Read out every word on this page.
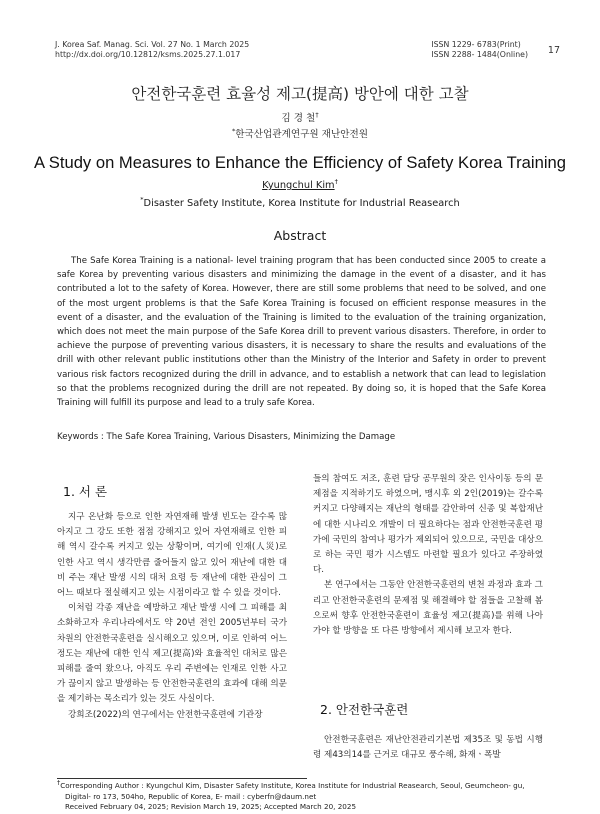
J. Korea Saf. Manag. Sci. Vol. 27 No. 1 March 2025
http://dx.doi.org/10.12812/ksms.2025.27.1.017
ISSN 1229- 6783(Print)
ISSN 2288- 1484(Online) 17
안전한국훈련 효율성 제고(提高) 방안에 대한 고찰
김 경 철†
*한국산업관계연구원 재난안전원
A Study on Measures to Enhance the Efficiency of Safety Korea Training
Kyungchul Kim†
*Disaster Safety Institute, Korea Institute for Industrial Reasearch
Abstract
The Safe Korea Training is a national- level training program that has been conducted since 2005 to create a safe Korea by preventing various disasters and minimizing the damage in the event of a disaster, and it has contributed a lot to the safety of Korea. However, there are still some problems that need to be solved, and one of the most urgent problems is that the Safe Korea Training is focused on efficient response measures in the event of a disaster, and the evaluation of the Training is limited to the evaluation of the training organization, which does not meet the main purpose of the Safe Korea drill to prevent various disasters. Therefore, in order to achieve the purpose of preventing various disasters, it is necessary to share the results and evaluations of the drill with other relevant public institutions other than the Ministry of the Interior and Safety in order to prevent various risk factors recognized during the drill in advance, and to establish a network that can lead to legislation so that the problems recognized during the drill are not repeated. By doing so, it is hoped that the Safe Korea Training will fulfill its purpose and lead to a truly safe Korea.
Keywords : The Safe Korea Training, Various Disasters, Minimizing the Damage
1. 서 론

지구 온난화 등으로 인한 자연재해 발생 빈도는 갈수록 많아지고 그 강도 또한 점점 강해지고 있어 자연재해로 인한 피해 역시 갈수록 커지고 있는 상황이며, 여기에 인재(人災)로 인한 사고 역시 생각만큼 줄어들지 않고 있어 재난에 대한 대비 주는 재난 발생 시의 대처 요령 등 재난에 대한 관심이 그 어느 때보다 절실해지고 있는 시점이라고 할 수 있을 것이다.

이처럼 각종 재난을 예방하고 재난 발생 시에 그 피해를 최소화하고자 우리나라에서도 약 20년 전인 2005년부터 국가차원의 안전한국훈련을 실시해오고 있으며, 이로 인하여 어느 정도는 재난에 대한 인식 제고(提高)와 효율적인 대처로 많은 피해를 줄여 왔으나, 아직도 우리 주변에는 인재로 인한 사고가 끊이지 않고 발생하는 등 안전한국훈련의 효과에 대해 의문을 제기하는 목소리가 있는 것도 사실이다.

강희조(2022)의 연구에서는 안전한국훈련에 기관장

들의 참여도 저조, 훈련 담당 공무원의 잦은 인사이동 등의 문제점을 지적하기도 하였으며, 맹시후 외 2인(2019)는 갈수록 커지고 다양해지는 재난의 형태를 감안하여 신종 및 복합재난에 대한 시나리오 개발이 더 필요하다는 점과 안전한국훈련 평가에 국민의 참여나 평가가 제외되어 있으므로, 국민을 대상으로 하는 국민 평가 시스템도 마련할 필요가 있다고 주장하였다.

본 연구에서는 그동안 안전한국훈련의 변천 과정과 효과 그리고 안전한국훈련의 문제점 및 해결해야 할 점들을 고찰해 봄으로써 향후 안전한국훈련이 효율성 제고(提高)를 위해 나아가야 할 방향을 또 다른 방향에서 제시해 보고자 한다.

2. 안전한국훈련

안전한국훈련은 재난안전관리기본법 제35조 및 동법 시행령 제43의14를 근거로 대규모 풍수해, 화재ㆍ폭발

†Corresponding Author : Kyungchul Kim, Disaster Safety Institute, Korea Institute for Industrial Reasearch, Seoul, Geumcheon- gu,
Digital- ro 173, 504ho, Republic of Korea, E- mail : cyberfn@daum.net
Received February 04, 2025; Revision March 19, 2025; Accepted March 20, 2025
